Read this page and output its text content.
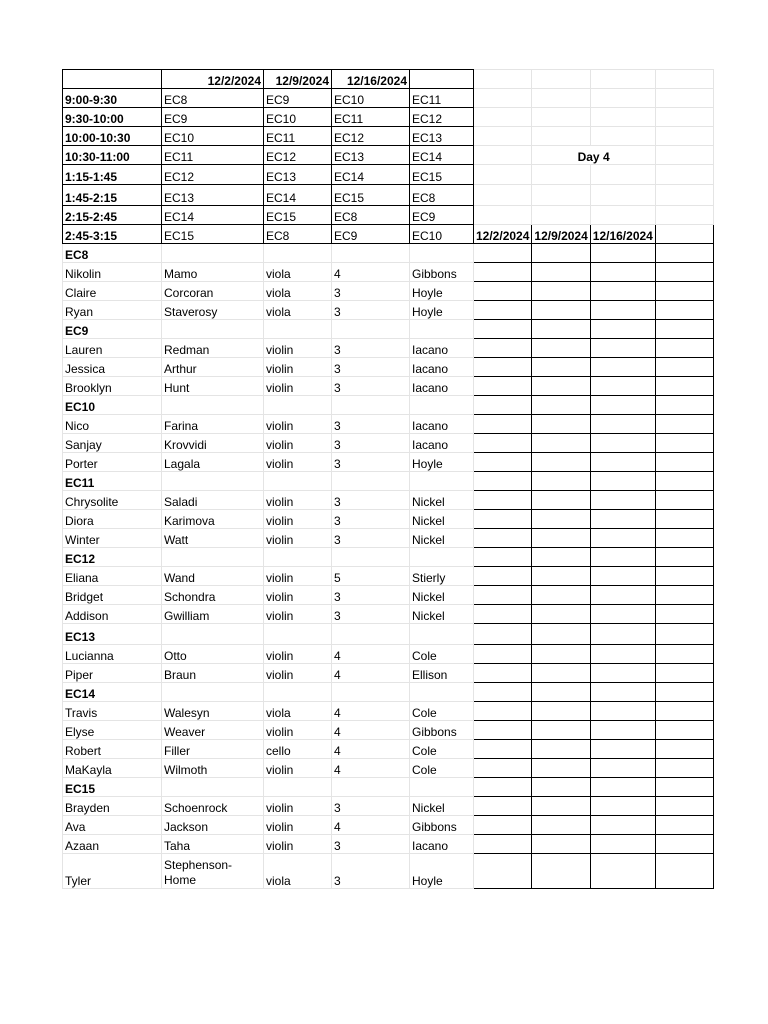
	12/2/2024	12/9/2024	12/16/2024					
9:00-9:30	EC8	EC9	EC10	EC11				
9:30-10:00	EC9	EC10	EC11	EC12				
10:00-10:30	EC10	EC11	EC12	EC13				
10:30-11:00	EC11	EC12	EC13	EC14		Day 4		
1:15-1:45	EC12	EC13	EC14	EC15				
1:45-2:15	EC13	EC14	EC15	EC8				
2:15-2:45	EC14	EC15	EC8	EC9				
2:45-3:15	EC15	EC8	EC9	EC10	12/2/2024	12/9/2024	12/16/2024	
EC8								
Nikolin	Mamo	viola	4	Gibbons				
Claire	Corcoran	viola	3	Hoyle				
Ryan	Staverosy	viola	3	Hoyle				
EC9								
Lauren	Redman	violin	3	Iacano				
Jessica	Arthur	violin	3	Iacano				
Brooklyn	Hunt	violin	3	Iacano				
EC10								
Nico	Farina	violin	3	Iacano				
Sanjay	Krovvidi	violin	3	Iacano				
Porter	Lagala	violin	3	Hoyle				
EC11								
Chrysolite	Saladi	violin	3	Nickel				
Diora	Karimova	violin	3	Nickel				
Winter	Watt	violin	3	Nickel				
EC12								
Eliana	Wand	violin	5	Stierly				
Bridget	Schondra	violin	3	Nickel				
Addison	Gwilliam	violin	3	Nickel				
EC13								
Lucianna	Otto	violin	4	Cole				
Piper	Braun	violin	4	Ellison				
EC14								
Travis	Walesyn	viola	4	Cole				
Elyse	Weaver	violin	4	Gibbons				
Robert	Filler	cello	4	Cole				
MaKayla	Wilmoth	violin	4	Cole				
EC15								
Brayden	Schoenrock	violin	3	Nickel				
Ava	Jackson	violin	4	Gibbons				
Azaan	Taha	violin	3	Iacano				
Tyler	Stephenson-Home	viola	3	Hoyle				
